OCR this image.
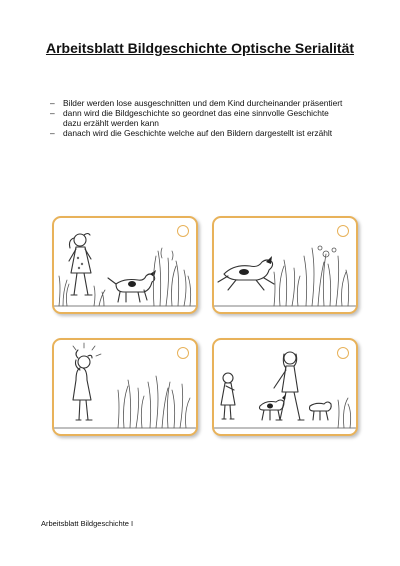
Arbeitsblatt Bildgeschichte Optische Serialität
– Bilder werden lose ausgeschnitten und dem Kind durcheinander präsentiert
– dann wird die Bildgeschichte so geordnet das eine sinnvolle Geschichte dazu erzählt werden kann
– danach wird die Geschichte welche auf den Bildern dargestellt ist erzählt

Arbeitsblatt Bildgeschichte I
